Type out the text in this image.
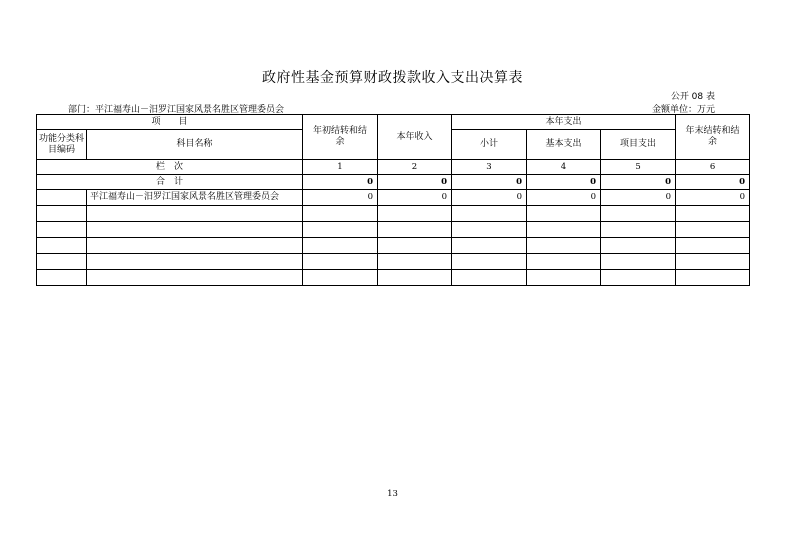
政府性基金预算财政拨款收入支出决算表
公开 08 表
部门：平江福寿山－汨罗江国家风景名胜区管理委员会	金额单位：万元
项　　目		年初结转和结余	本年收入	本年支出			年末结转和结余
功能分类科目编码	科目名称			小计	基本支出	项目支出	
栏　次		1	2	3	4	5	6
合　计		0	0	0	0	0	0
	平江福寿山－汨罗江国家风景名胜区管理委员会	0	0	0	0	0	0

13
